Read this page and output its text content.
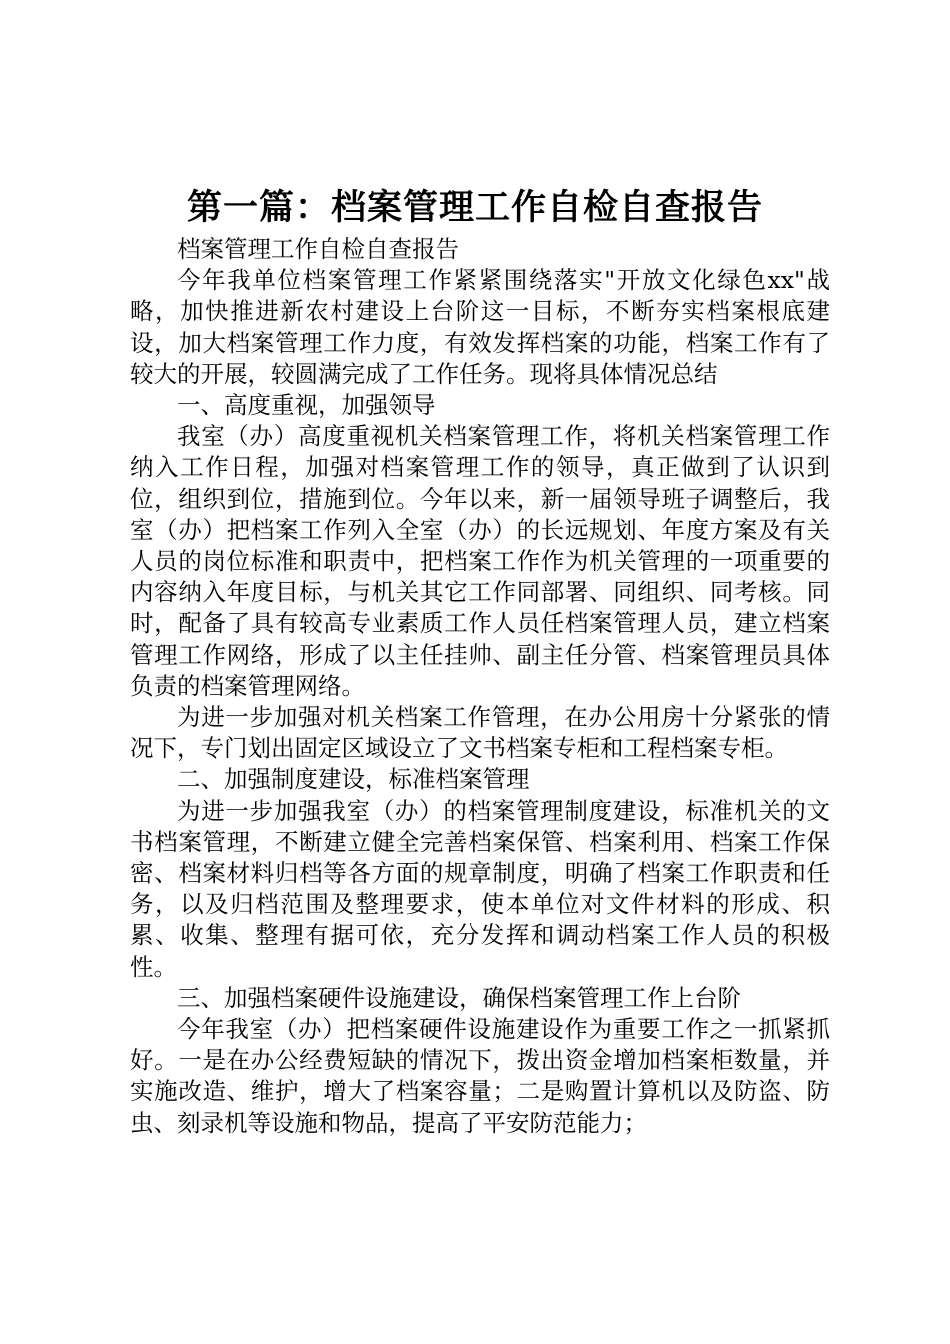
第一篇：档案管理工作自检自查报告

档案管理工作自检自查报告

今年我单位档案管理工作紧紧围绕落实"开放文化绿色xx"战略，加快推进新农村建设上台阶这一目标，不断夯实档案根底建设，加大档案管理工作力度，有效发挥档案的功能，档案工作有了较大的开展，较圆满完成了工作任务。现将具体情况总结

一、高度重视，加强领导

我室（办）高度重视机关档案管理工作，将机关档案管理工作纳入工作日程，加强对档案管理工作的领导，真正做到了认识到位，组织到位，措施到位。今年以来，新一届领导班子调整后，我室（办）把档案工作列入全室（办）的长远规划、年度方案及有关人员的岗位标准和职责中，把档案工作作为机关管理的一项重要的内容纳入年度目标，与机关其它工作同部署、同组织、同考核。同时，配备了具有较高专业素质工作人员任档案管理人员，建立档案管理工作网络，形成了以主任挂帅、副主任分管、档案管理员具体负责的档案管理网络。

为进一步加强对机关档案工作管理，在办公用房十分紧张的情况下，专门划出固定区域设立了文书档案专柜和工程档案专柜。

二、加强制度建设，标准档案管理

为进一步加强我室（办）的档案管理制度建设，标准机关的文书档案管理，不断建立健全完善档案保管、档案利用、档案工作保密、档案材料归档等各方面的规章制度，明确了档案工作职责和任务，以及归档范围及整理要求，使本单位对文件材料的形成、积累、收集、整理有据可依，充分发挥和调动档案工作人员的积极性。

三、加强档案硬件设施建设，确保档案管理工作上台阶

今年我室（办）把档案硬件设施建设作为重要工作之一抓紧抓好。一是在办公经费短缺的情况下，拨出资金增加档案柜数量，并实施改造、维护，增大了档案容量；二是购置计算机以及防盗、防虫、刻录机等设施和物品，提高了平安防范能力；
